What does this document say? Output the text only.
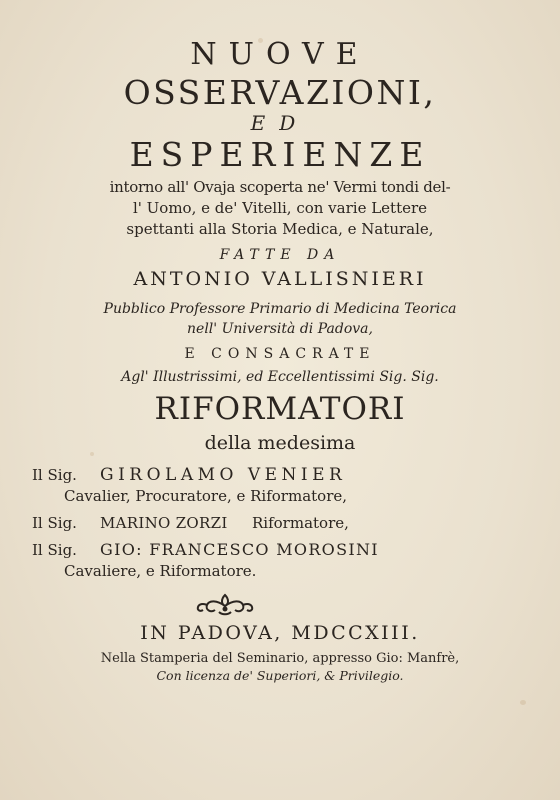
NUOVE
OSSERVAZIONI,
ED
ESPERIENZE
intorno all' Ovaja scoperta ne' Vermi tondi del-
l' Uomo, e de' Vitelli, con varie Lettere
spettanti alla Storia Medica, e Naturale,
FATTE DA
ANTONIO VALLISNIERI
Pubblico Professore Primario di Medicina Teorica
nell' Università di Padova,
E CONSACRATE
Agl' Illustrissimi, ed Eccellentissimi Sig. Sig.
RIFORMATORI
della medesima
Il Sig. GIROLAMO VENIER
Cavalier, Procuratore, e Riformatore,
Il Sig. MARINO ZORZI Riformatore,
Il Sig. GIO: FRANCESCO MOROSINI
Cavaliere, e Riformatore.
IN PADOVA, MDCCXIII.
Nella Stamperia del Seminario, appresso Gio: Manfrè,
Con licenza de' Superiori, & Privilegio.
